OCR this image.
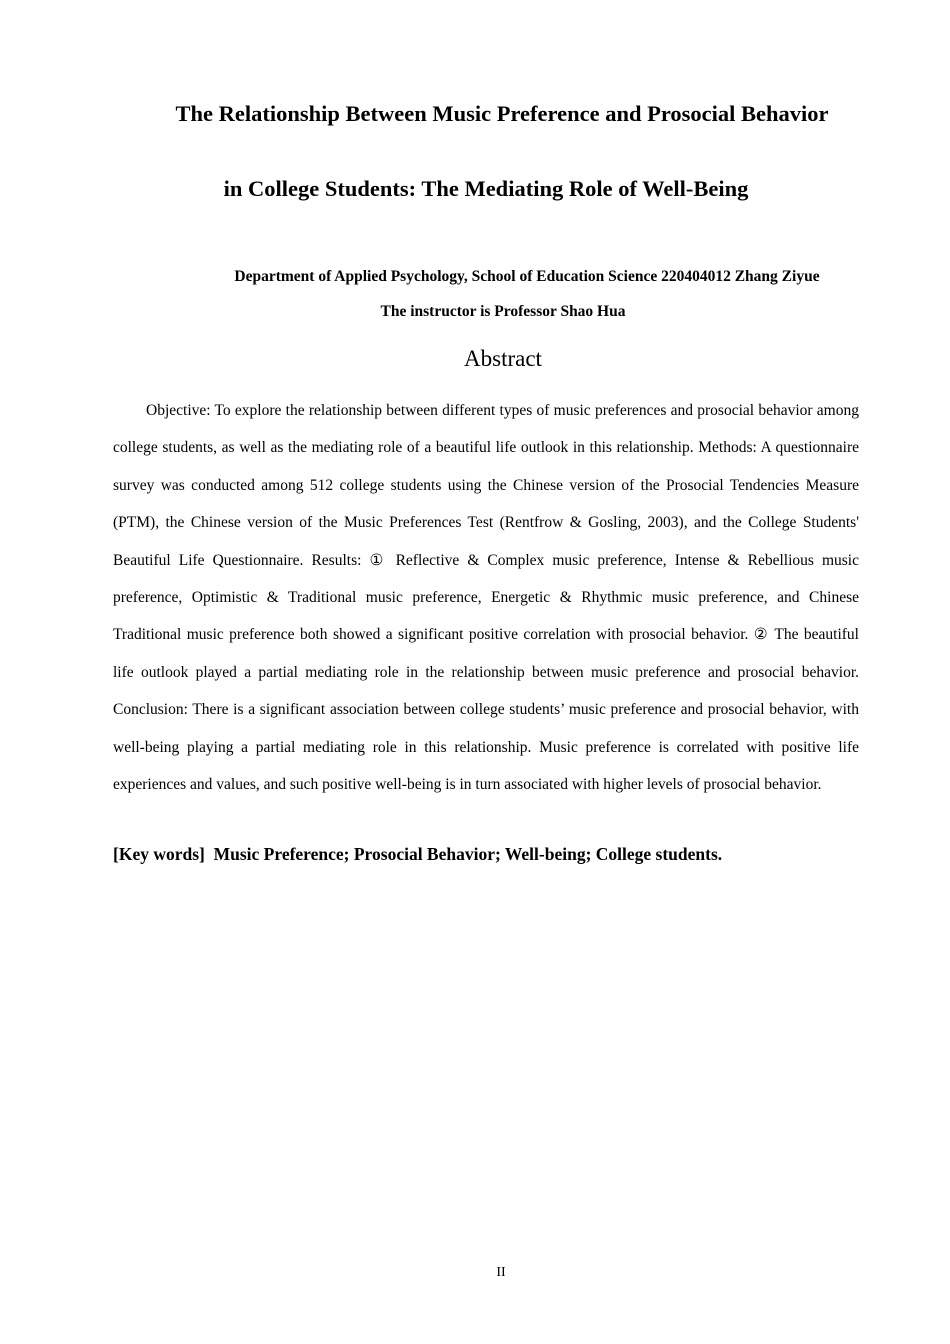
The Relationship Between Music Preference and Prosocial Behavior
in College Students: The Mediating Role of Well-Being

Department of Applied Psychology, School of Education Science 220404012 Zhang Ziyue

The instructor is Professor Shao Hua

Abstract

Objective: To explore the relationship between different types of music preferences and prosocial behavior among college students, as well as the mediating role of a beautiful life outlook in this relationship. Methods: A questionnaire survey was conducted among 512 college students using the Chinese version of the Prosocial Tendencies Measure (PTM), the Chinese version of the Music Preferences Test (Rentfrow & Gosling, 2003), and the College Students' Beautiful Life Questionnaire. Results: ① Reflective & Complex music preference, Intense & Rebellious music preference, Optimistic & Traditional music preference, Energetic & Rhythmic music preference, and Chinese Traditional music preference both showed a significant positive correlation with prosocial behavior. ② The beautiful life outlook played a partial mediating role in the relationship between music preference and prosocial behavior. Conclusion: There is a significant association between college students’ music preference and prosocial behavior, with well-being playing a partial mediating role in this relationship. Music preference is correlated with positive life experiences and values, and such positive well-being is in turn associated with higher levels of prosocial behavior.

[Key words] Music Preference; Prosocial Behavior; Well-being; College students.

II
